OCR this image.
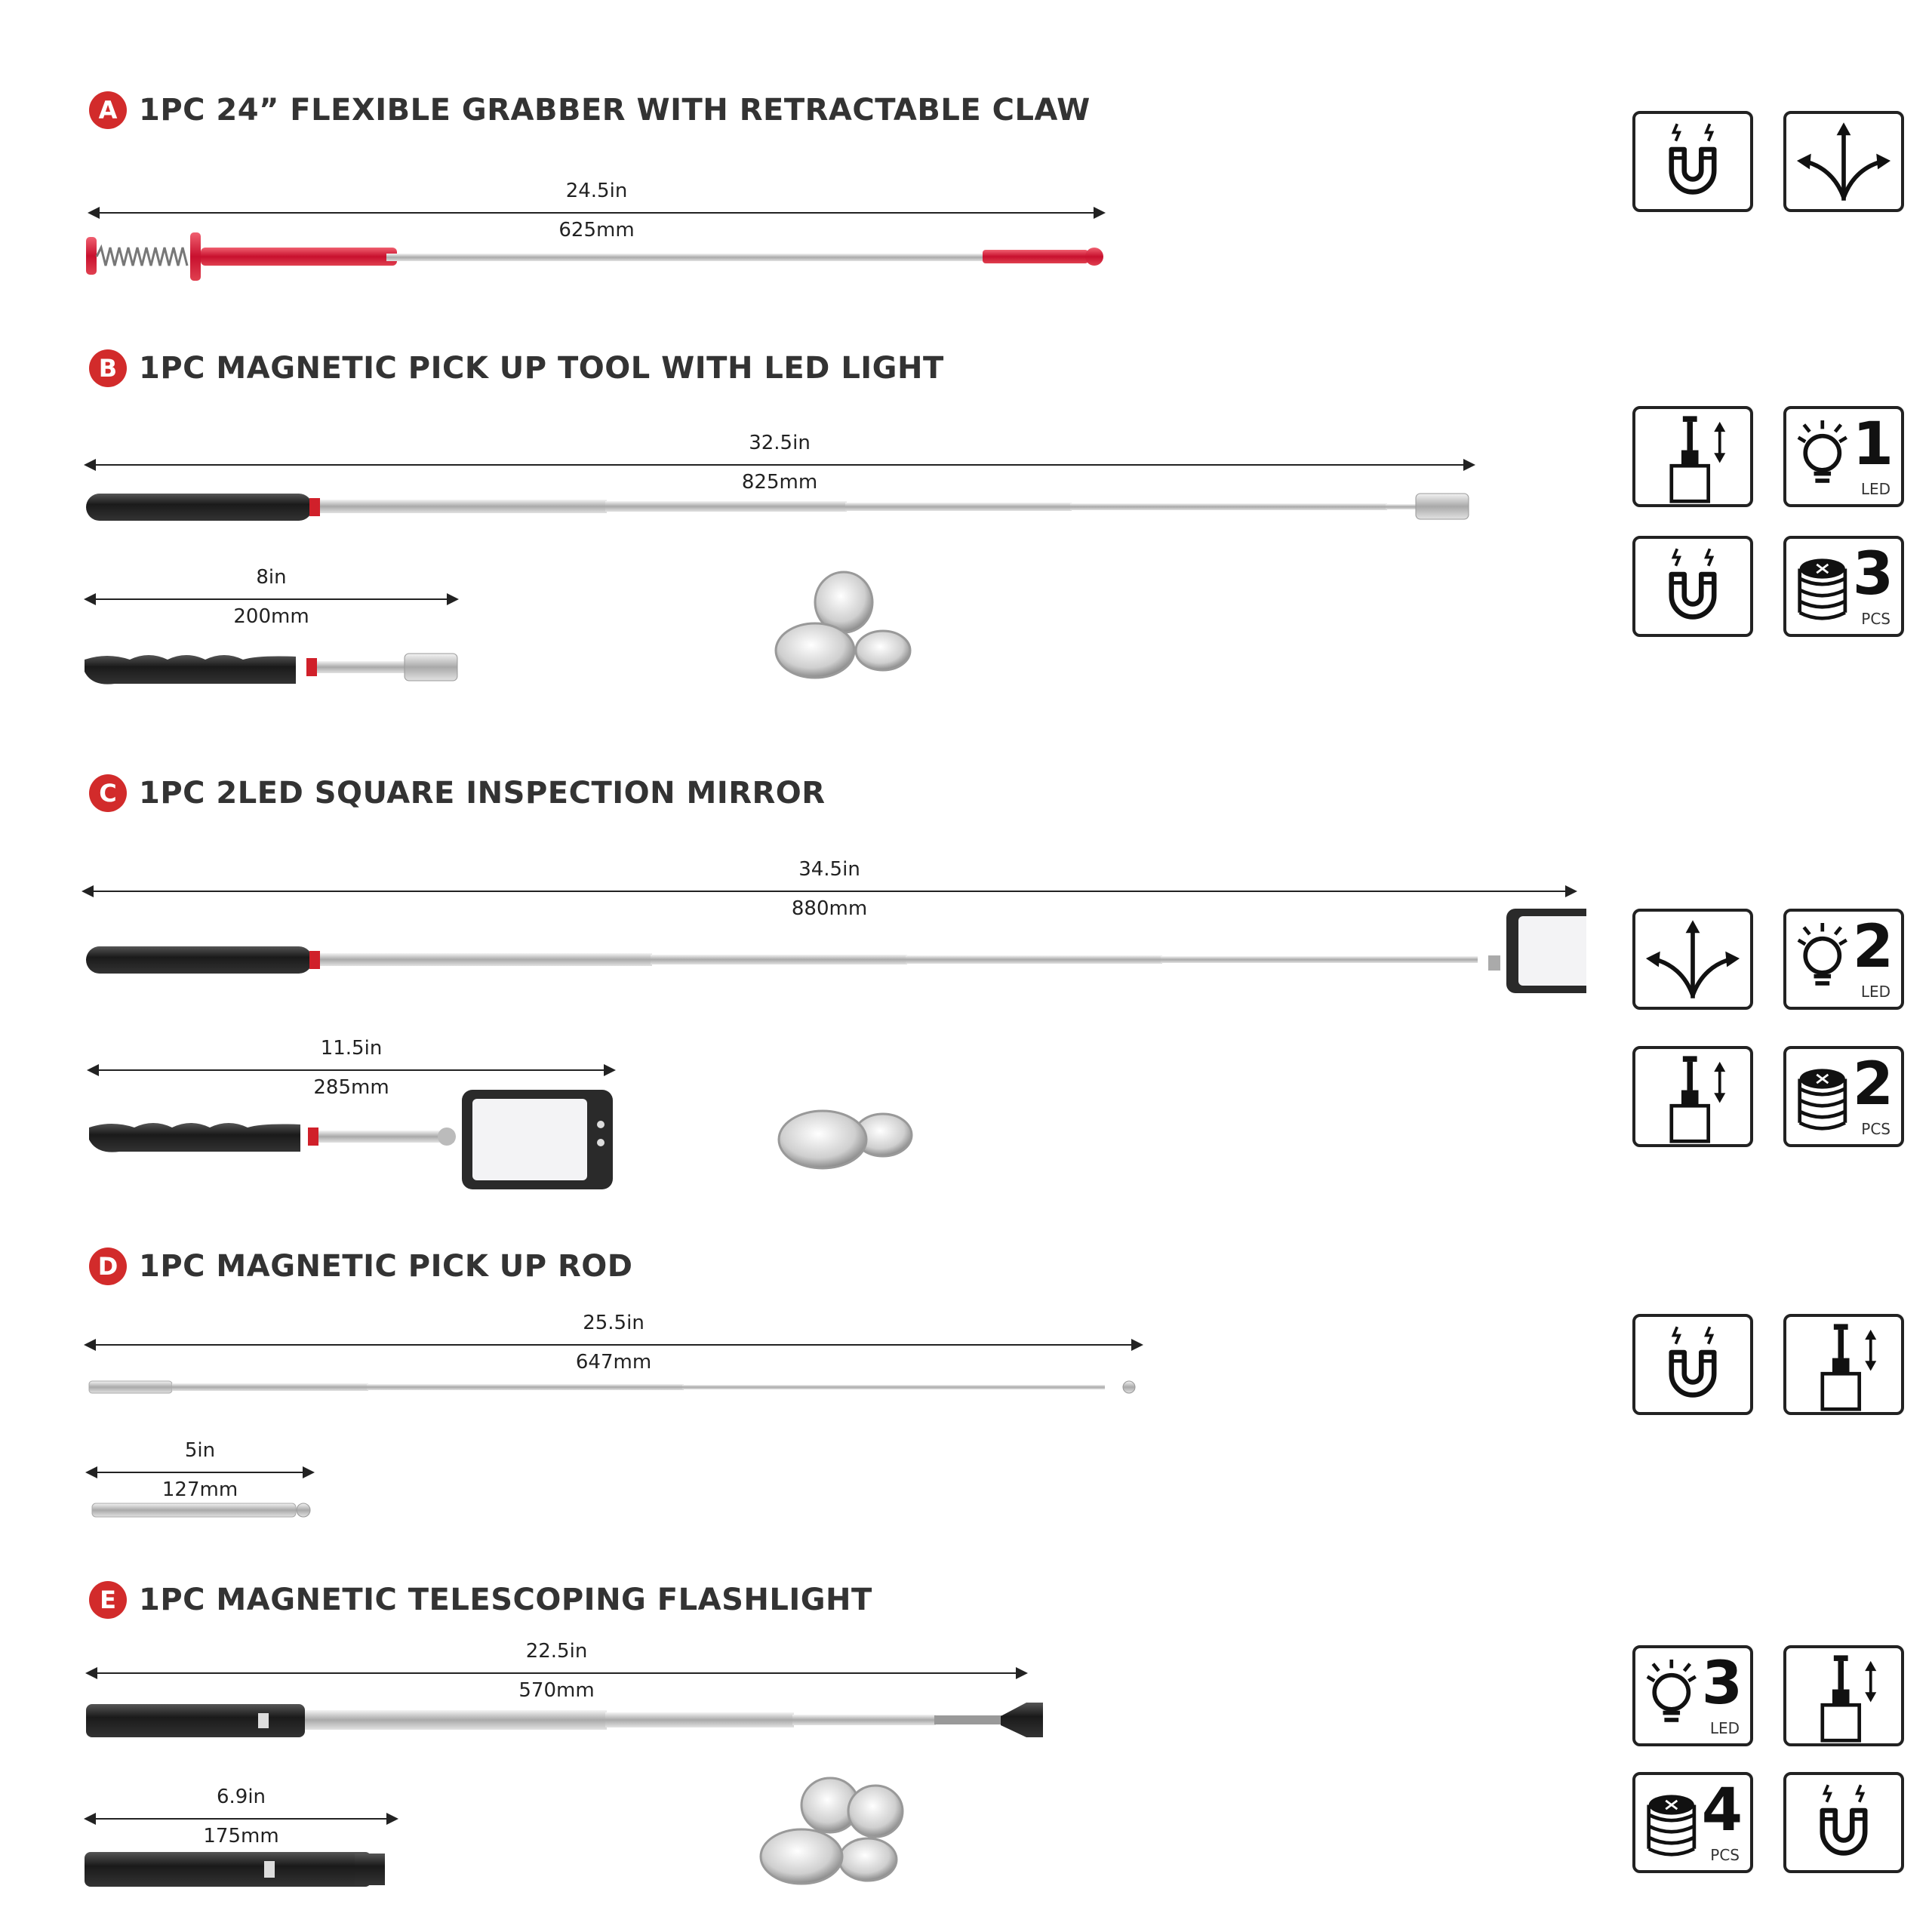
A 1PC 24” FLEXIBLE GRABBER WITH RETRACTABLE CLAW
24.5in
625mm
B 1PC MAGNETIC PICK UP TOOL WITH LED LIGHT
32.5in
825mm
8in
200mm
1
LED
3
PCS
C 1PC 2LED SQUARE INSPECTION MIRROR
34.5in
880mm
11.5in
285mm
2
LED
2
PCS
D 1PC MAGNETIC PICK UP ROD
25.5in
647mm
5in
127mm
E 1PC MAGNETIC TELESCOPING FLASHLIGHT
22.5in
570mm
6.9in
175mm
3
LED
4
PCS
